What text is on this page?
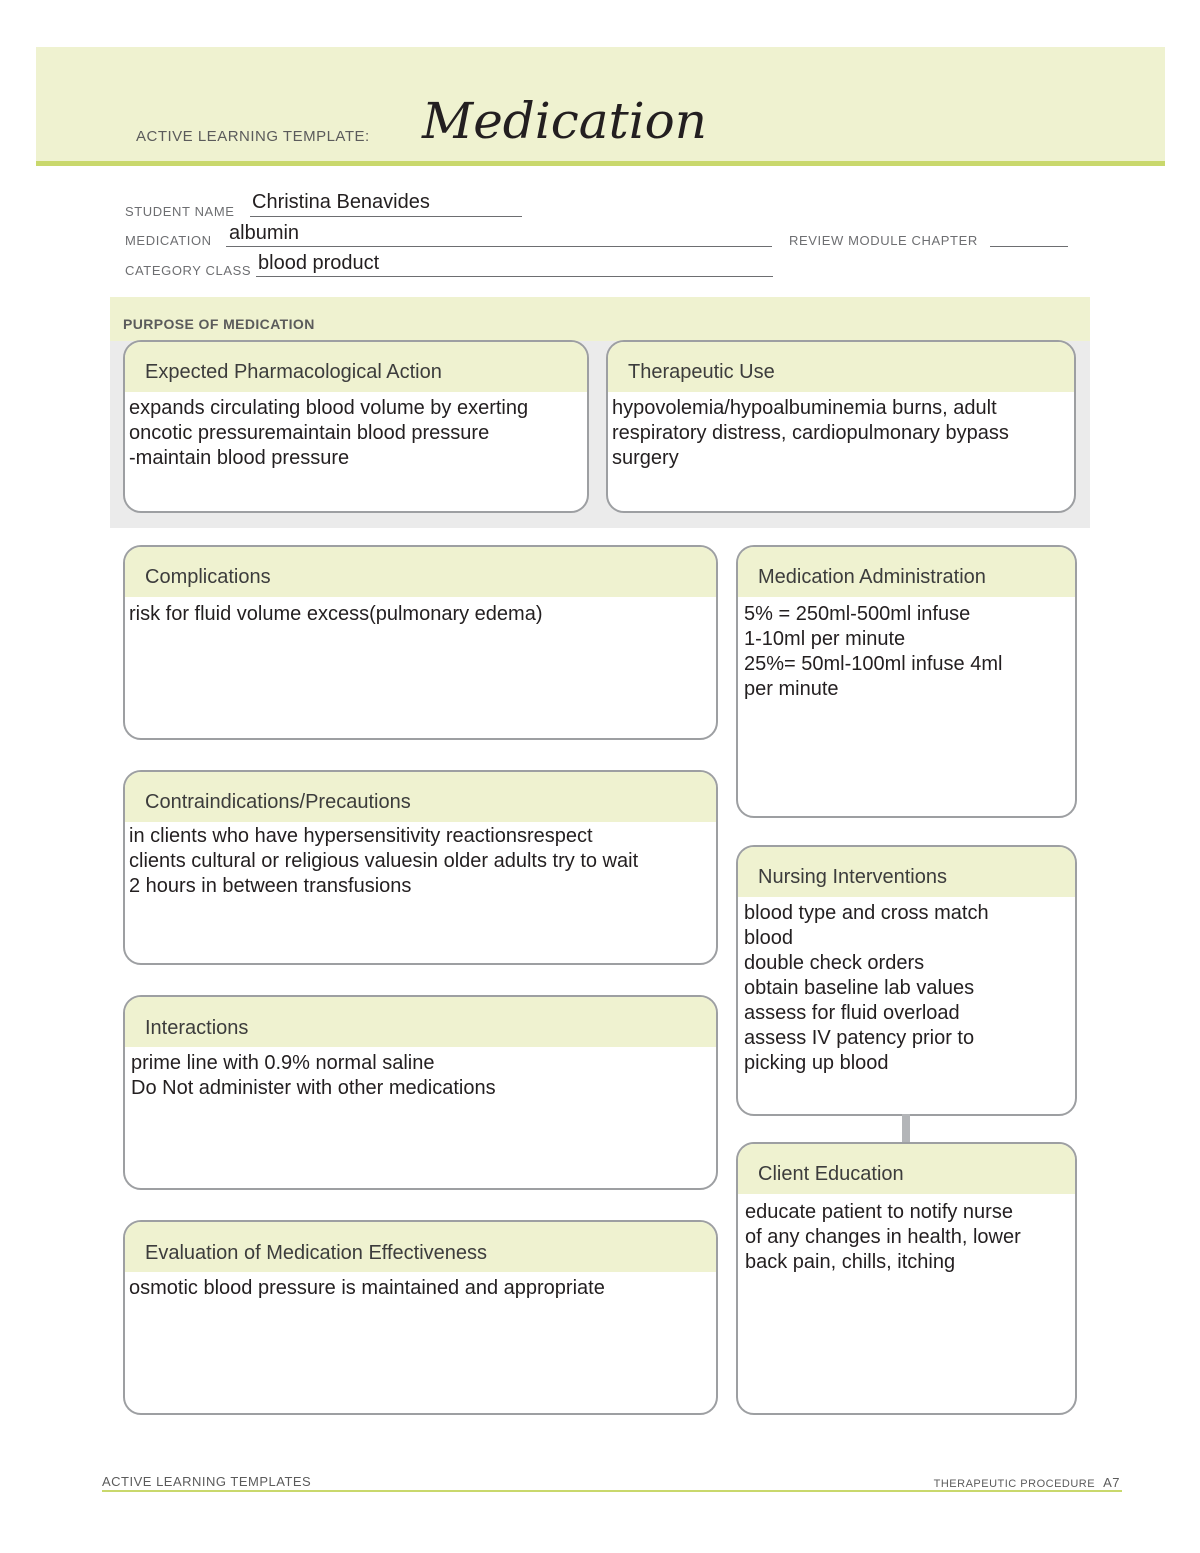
ACTIVE LEARNING TEMPLATE: Medication
STUDENT NAME Christina Benavides
MEDICATION albumin	REVIEW MODULE CHAPTER
CATEGORY CLASS blood product
PURPOSE OF MEDICATION
Expected Pharmacological Action
expands circulating blood volume by exerting
oncotic pressuremaintain blood pressure
-maintain blood pressure
Therapeutic Use
hypovolemia/hypoalbuminemia burns, adult
respiratory distress, cardiopulmonary bypass
surgery
Complications
risk for fluid volume excess(pulmonary edema)
Contraindications/Precautions
in clients who have hypersensitivity reactionsrespect
clients cultural or religious valuesin older adults try to wait
2 hours in between transfusions
Interactions
prime line with 0.9% normal saline
Do Not administer with other medications
Evaluation of Medication Effectiveness
osmotic blood pressure is maintained and appropriate
Medication Administration
5% = 250ml-500ml infuse
1-10ml per minute
25%= 50ml-100ml infuse 4ml
per minute
Nursing Interventions
blood type and cross match
blood
double check orders
obtain baseline lab values
assess for fluid overload
assess IV patency prior to
picking up blood
Client Education
educate patient to notify nurse
of any changes in health, lower
back pain, chills, itching
ACTIVE LEARNING TEMPLATES	THERAPEUTIC PROCEDURE A7
